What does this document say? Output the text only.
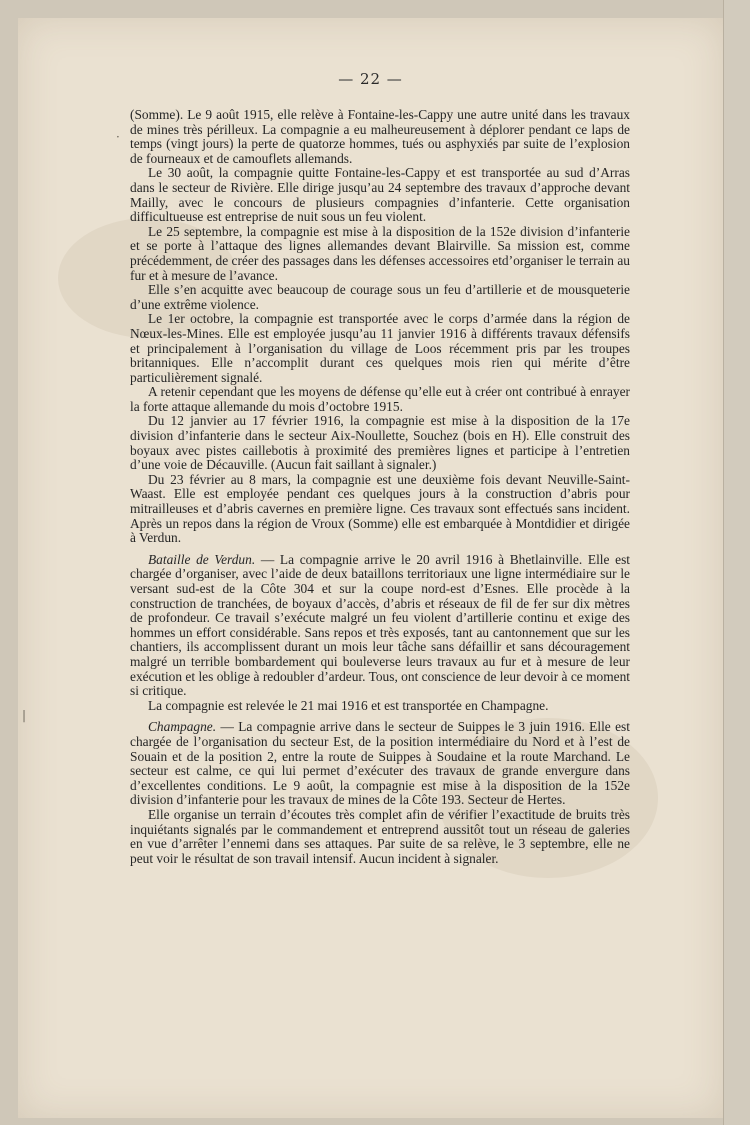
— 22 —
·
|

(Somme). Le 9 août 1915, elle relève à Fontaine-les-Cappy une autre unité dans les travaux de mines très périlleux. La compagnie a eu malheureusement à déplorer pendant ce laps de temps (vingt jours) la perte de quatorze hommes, tués ou asphyxiés par suite de l’explosion de fourneaux et de camouflets allemands.

Le 30 août, la compagnie quitte Fontaine-les-Cappy et est transportée au sud d’Arras dans le secteur de Rivière. Elle dirige jusqu’au 24 septembre des travaux d’approche devant Mailly, avec le concours de plusieurs compagnies d’infanterie. Cette organisation difficultueuse est entreprise de nuit sous un feu violent.

Le 25 septembre, la compagnie est mise à la disposition de la 152e division d’infanterie et se porte à l’attaque des lignes allemandes devant Blairville. Sa mission est, comme précédemment, de créer des passages dans les défenses accessoires etd’organiser le terrain au fur et à mesure de l’avance.

Elle s’en acquitte avec beaucoup de courage sous un feu d’artillerie et de mousqueterie d’une extrême violence.

Le 1er octobre, la compagnie est transportée avec le corps d’armée dans la région de Nœux-les-Mines. Elle est employée jusqu’au 11 janvier 1916 à différents travaux défensifs et principalement à l’organisation du village de Loos récemment pris par les troupes britanniques. Elle n’accomplit durant ces quelques mois rien qui mérite d’être particulièrement signalé.

A retenir cependant que les moyens de défense qu’elle eut à créer ont contribué à enrayer la forte attaque allemande du mois d’octobre 1915.

Du 12 janvier au 17 février 1916, la compagnie est mise à la disposition de la 17e division d’infanterie dans le secteur Aix-Noullette, Souchez (bois en H). Elle construit des boyaux avec pistes caillebotis à proximité des premières lignes et participe à l’entretien d’une voie de Décauville. (Aucun fait saillant à signaler.)

Du 23 février au 8 mars, la compagnie est une deuxième fois devant Neuville-Saint-Waast. Elle est employée pendant ces quelques jours à la construction d’abris pour mitrailleuses et d’abris cavernes en première ligne. Ces travaux sont effectués sans incident. Après un repos dans la région de Vroux (Somme) elle est embarquée à Montdidier et dirigée à Verdun.

Bataille de Verdun. — La compagnie arrive le 20 avril 1916 à Bhetlainville. Elle est chargée d’organiser, avec l’aide de deux bataillons territoriaux une ligne intermédiaire sur le versant sud-est de la Côte 304 et sur la coupe nord-est d’Esnes. Elle procède à la construction de tranchées, de boyaux d’accès, d’abris et réseaux de fil de fer sur dix mètres de profondeur. Ce travail s’exécute malgré un feu violent d’artillerie continu et exige des hommes un effort considérable. Sans repos et très exposés, tant au cantonnement que sur les chantiers, ils accomplissent durant un mois leur tâche sans défaillir et sans découragement malgré un terrible bombardement qui bouleverse leurs travaux au fur et à mesure de leur exécution et les oblige à redoubler d’ardeur. Tous, ont conscience de leur devoir à ce moment si critique.

La compagnie est relevée le 21 mai 1916 et est transportée en Champagne.

Champagne. — La compagnie arrive dans le secteur de Suippes le 3 juin 1916. Elle est chargée de l’organisation du secteur Est, de la position intermédiaire du Nord et à l’est de Souain et de la position 2, entre la route de Suippes à Soudaine et la route Marchand. Le secteur est calme, ce qui lui permet d’exécuter des travaux de grande envergure dans d’excellentes conditions. Le 9 août, la compagnie est mise à la disposition de la 152e division d’infanterie pour les travaux de mines de la Côte 193. Secteur de Hertes.

Elle organise un terrain d’écoutes très complet afin de vérifier l’exactitude de bruits très inquiétants signalés par le commandement et entreprend aussitôt tout un réseau de galeries en vue d’arrêter l’ennemi dans ses attaques. Par suite de sa relève, le 3 septembre, elle ne peut voir le résultat de son travail intensif. Aucun incident à signaler.
